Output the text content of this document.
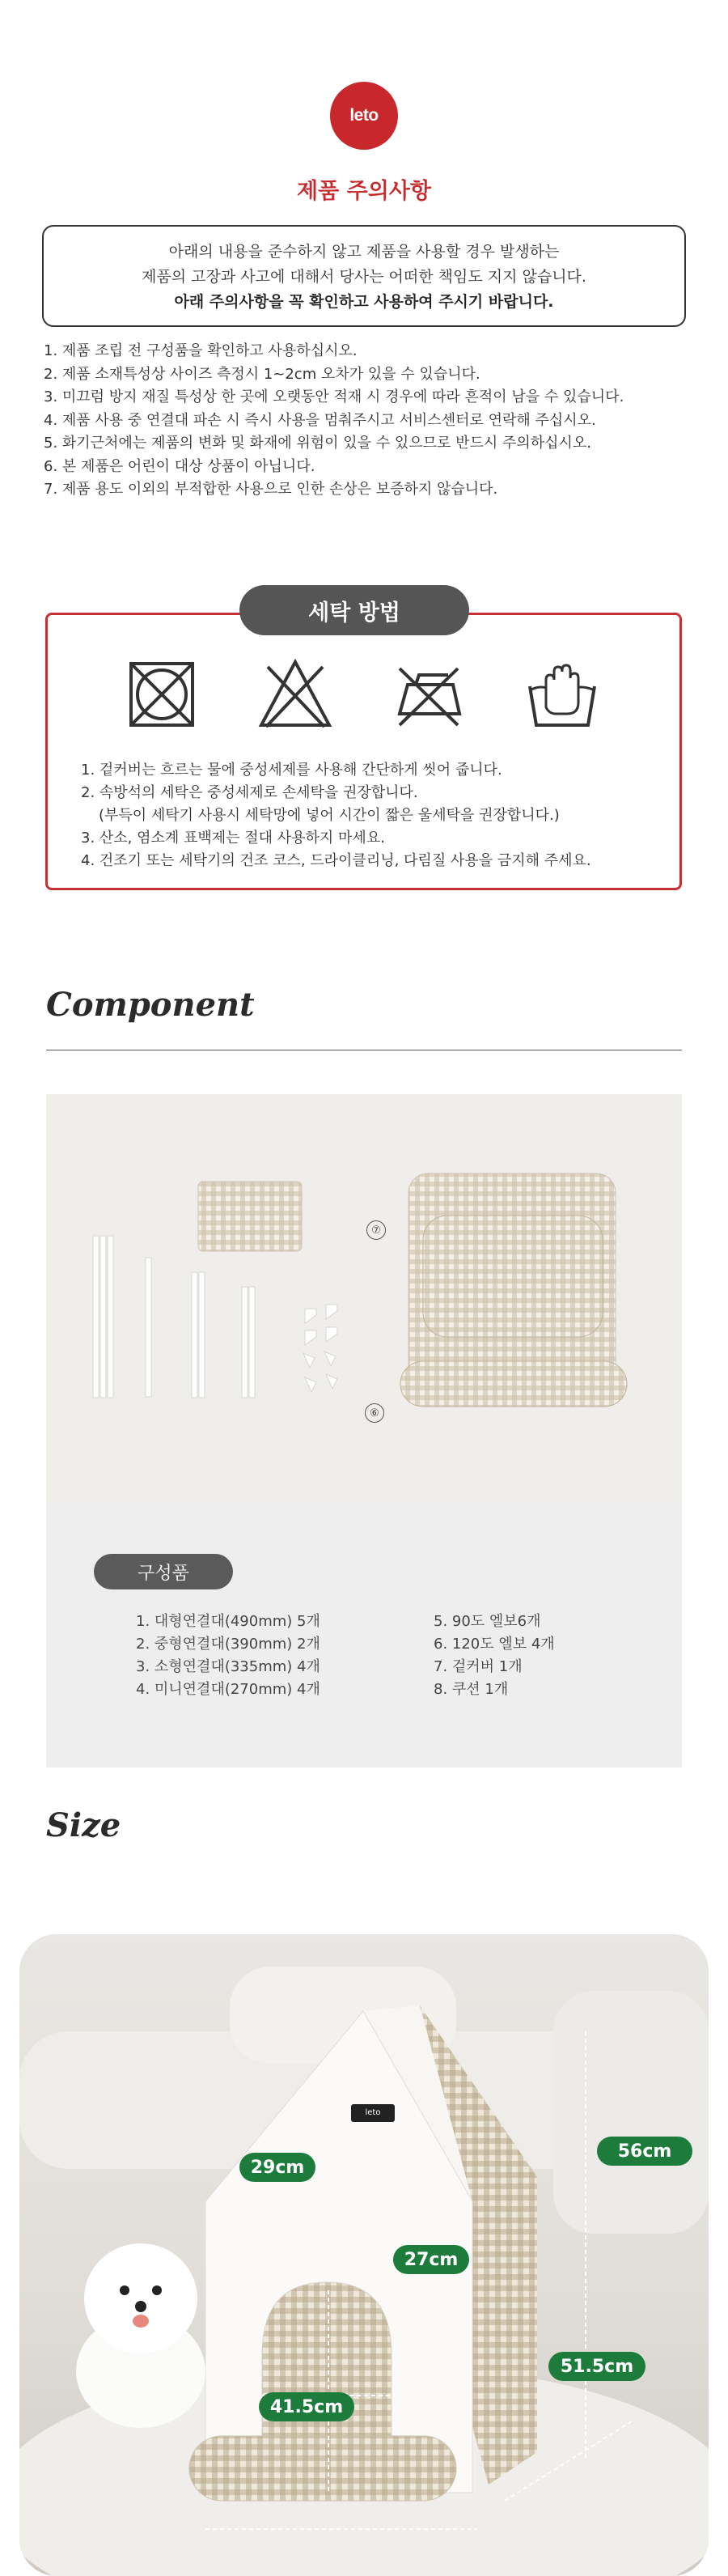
leto
제품 주의사항

아래의 내용을 준수하지 않고 제품을 사용할 경우 발생하는

제품의 고장과 사고에 대해서 당사는 어떠한 책임도 지지 않습니다.

아래 주의사항을 꼭 확인하고 사용하여 주시기 바랍니다.

1. 제품 조립 전 구성품을 확인하고 사용하십시오.
2. 제품 소재특성상 사이즈 측정시 1~2cm 오차가 있을 수 있습니다.
3. 미끄럼 방지 재질 특성상 한 곳에 오랫동안 적재 시 경우에 따라 흔적이 남을 수 있습니다.
4. 제품 사용 중 연결대 파손 시 즉시 사용을 멈춰주시고 서비스센터로 연락해 주십시오.
5. 화기근처에는 제품의 변화 및 화재에 위험이 있을 수 있으므로 반드시 주의하십시오.
6. 본 제품은 어린이 대상 상품이 아닙니다.
7. 제품 용도 이외의 부적합한 사용으로 인한 손상은 보증하지 않습니다.
세탁 방법
1. 겉커버는 흐르는 물에 중성세제를 사용해 간단하게 씻어 줍니다.
2. 속방석의 세탁은 중성세제로 손세탁을 권장합니다.
(부득이 세탁기 사용시 세탁망에 넣어 시간이 짧은 울세탁을 권장합니다.)
3. 산소, 염소계 표백제는 절대 사용하지 마세요.
4. 건조기 또는 세탁기의 건조 코스, 드라이클리닝, 다림질 사용을 금지해 주세요.
Component
⑥
⑦
구성품
1. 대형연결대(490mm) 5개
2. 중형연결대(390mm) 2개
3. 소형연결대(335mm) 4개
4. 미니연결대(270mm) 4개
5. 90도 엘보6개
6. 120도 엘보 4개
7. 겉커버 1개
8. 쿠션 1개
Size
leto
29cm
56cm
27cm
51.5cm
41.5cm
